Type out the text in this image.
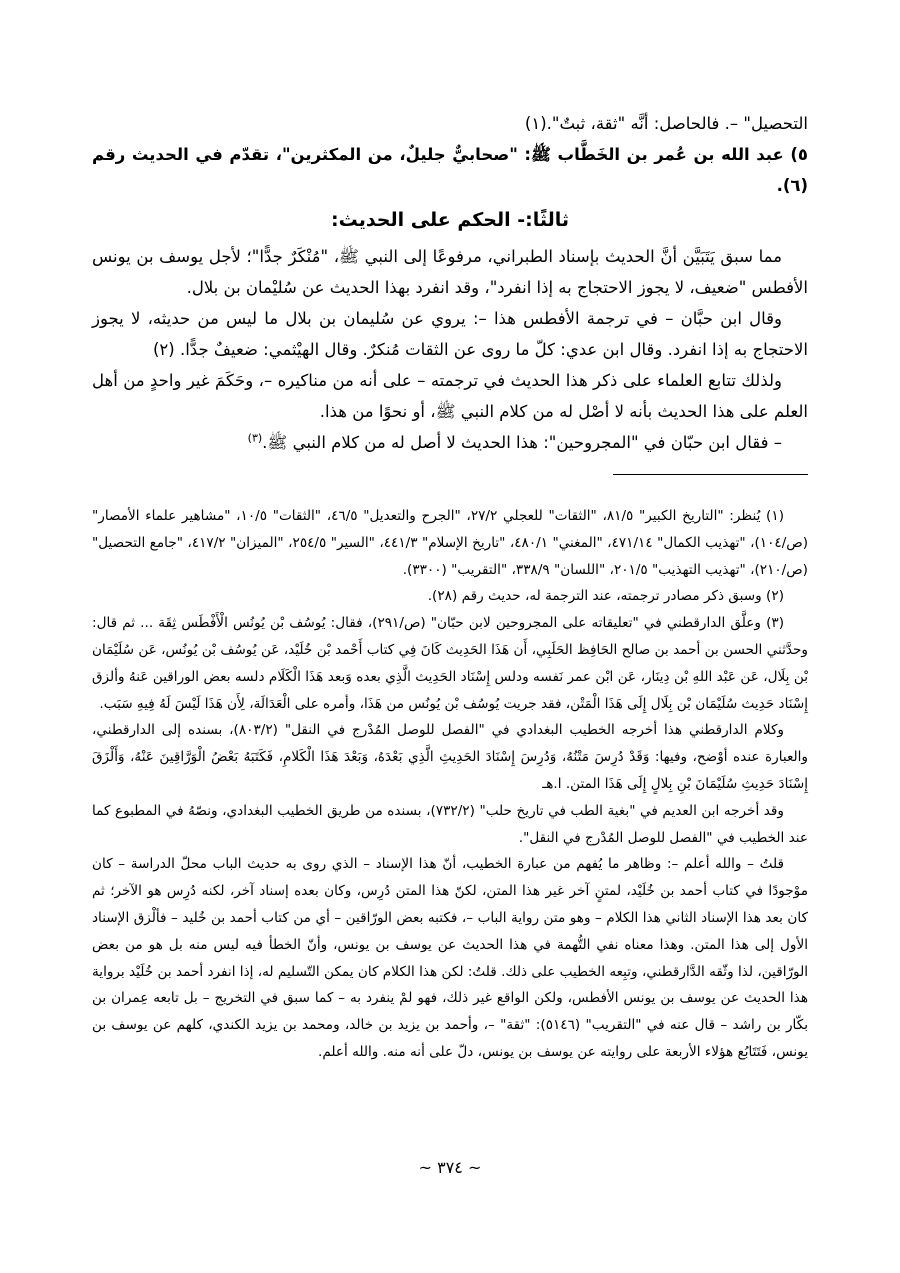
التحصيل" –. فالحاصل: أنَّه "ثقة، ثبتٌ".(١)

٥) عبد الله بن عُمر بن الخَطَّاب ﷺ: "صحابيٌّ جليلٌ، من المكثرين"، تقدّم في الحديث رقم (٦).

ثالثًا:- الحكم على الحديث:

مما سبق يَتَبَيَّن أنَّ الحديث بإسناد الطبراني، مرفوعًا إلى النبي ﷺ، "مُنْكَرٌ جدًّا"؛ لأجل يوسف بن يونس الأفطس "ضعيف، لا يجوز الاحتجاج به إذا انفرد"، وقد انفرد بهذا الحديث عن سُليْمان بن بلال.

وقال ابن حبَّان – في ترجمة الأفطس هذا –: يروي عن سُليمان بن بلال ما ليس من حديثه، لا يجوز الاحتجاج به إذا انفرد. وقال ابن عدي: كلّ ما روى عن الثقات مُنكرٌ. وقال الهيْثمي: ضعيفٌ جدًّا. (٢)

ولذلك تتابع العلماء على ذكر هذا الحديث في ترجمته – على أنه من مناكيره –، وحَكَمَ غير واحدٍ من أهل العلم على هذا الحديث بأنه لا أصْل له من كلام النبي ﷺ، أو نحوًا من هذا.

– فقال ابن حبّان في "المجروحين": هذا الحديث لا أصل له من كلام النبي ﷺ.$^{(٣)}$

(١) يُنظر: "التاريخ الكبير" ٨١/٥، "الثقات" للعجلي ٢٧/٢، "الجرح والتعديل" ٤٦/٥، "الثقات" ١٠/٥، "مشاهير علماء الأمصار" (ص/١٠٤)، "تهذيب الكمال" ٤٧١/١٤، "المغني" ٤٨٠/١، "تاريخ الإسلام" ٤٤١/٣، "السير" ٢٥٤/٥، "الميزان" ٤١٧/٢، "جامع التحصيل" (ص/٢١٠)، "تهذيب التهذيب" ٢٠١/٥، "اللسان" ٣٣٨/٩، "التقريب" (٣٣٠٠).

(٢) وسبق ذكر مصادر ترجمته، عند الترجمة له، حديث رقم (٢٨).

(٣) وعلَّق الدارقطني في "تعليقاته على المجروحين لابن حبّان" (ص/٢٩١)، فقال: يُوسُف بْن يُونُس الْأَفْطَس ثِقَة ... ثم قال: وحدَّثني الحسن بن أحمد بن صالح الحَافِظ الحَلَبِي، أَن هَذَا الحَدِيث كَانَ فِي كتاب أَحْمد بْن خُلَيْد، عَن يُوسُف بْن يُونُس، عَن سُلَيْمَان بْن بِلَال، عَن عَبْد اللهِ بْن دِينَار، عَن ابْن عمر نَفسه ودلس إِسْنَاد الحَدِيث الَّذِي بعده وَبعد هَذَا الْكَلَام دلسه بعض الوراقين عَنهُ وألزق إِسْنَاد حَدِيث سُلَيْمَان بْن بِلَال إِلَى هَذَا الْمَتْن، فقد جريت يُوسُف بْن يُونُس من هَذَا، وأمره على الْعَدَالَة، لِأَن هَذَا لَيْسَ لَهُ فِيهِ سَبَب.

وكلام الدارقطني هذا أخرجه الخطيب البغدادي في "الفصل للوصل المُدْرج في النقل" (٨٠٣/٢)، بسنده إلى الدارقطني، والعبارة عنده أوْضح، وفيها: وَقَدْ دُرِسَ مَتْنُهُ، وَدُرِسَ إِسْنَادَ الحَدِيثِ الَّذِي بَعْدَهُ، وَبَعْدَ هَذَا الْكَلامِ، فَكَتَبَهُ بَعْضُ الْوَرَّاقِينَ عَنْهُ، وَأَلْزَقَ إِسْنَادَ حَدِيثِ سُلَيْمَانَ بْنِ بِلالٍ إِلَى هَذَا المتن. ا.هـ

وقد أخرجه ابن العديم في "بغية الطب في تاريخ حلب" (٧٣٢/٢)، بسنده من طريق الخطيب البغدادي، ونصّهُ في المطبوع كما عند الخطيب في "الفصل للوصل المُدْرج في النقل".

قلتُ – والله أعلم –: وظاهر ما يُفهم من عبارة الخطيب، أنّ هذا الإسناد – الذي روى به حديث الباب محلّ الدراسة – كان موْجودًا في كتاب أحمد بن خُلَيْد، لمتنٍ آخر غير هذا المتن، لكنّ هذا المتن دُرِس، وكان بعده إسناد آخر، لكنه دُرِس هو الآخر؛ ثم كان بعد هذا الإسناد الثاني هذا الكلام – وهو متن رواية الباب –، فكتبه بعض الورّاقين – أي من كتاب أحمد بن خُليد – فألْزق الإسناد الأول إلى هذا المتن. وهذا معناه نفي التُّهمة في هذا الحديث عن يوسف بن يونس، وأنّ الخطأ فيه ليس منه بل هو من بعض الورّاقين، لذا وثّقه الدَّارقطني، وتبِعه الخطيب على ذلك. قلتُ: لكن هذا الكلام كان يمكن التّسليم له، إذا انفرد أحمد بن خُلَيْد برواية هذا الحديث عن يوسف بن يونس الأفطس، ولكن الواقع غير ذلك، فهو لمْ ينفرد به – كما سبق في التخريج – بل تابعه عِمران بن بكّار بن راشد – قال عنه في "التقريب" (٥١٤٦): "ثقة" –، وأحمد بن يزيد بن خالد، ومحمد بن يزيد الكندي، كلهم عن يوسف بن يونس، فَتَتَابُع هؤلاء الأربعة على روايته عن يوسف بن يونس، دلّ على أنه منه. والله أعلم.

~ ٣٧٤ ~
